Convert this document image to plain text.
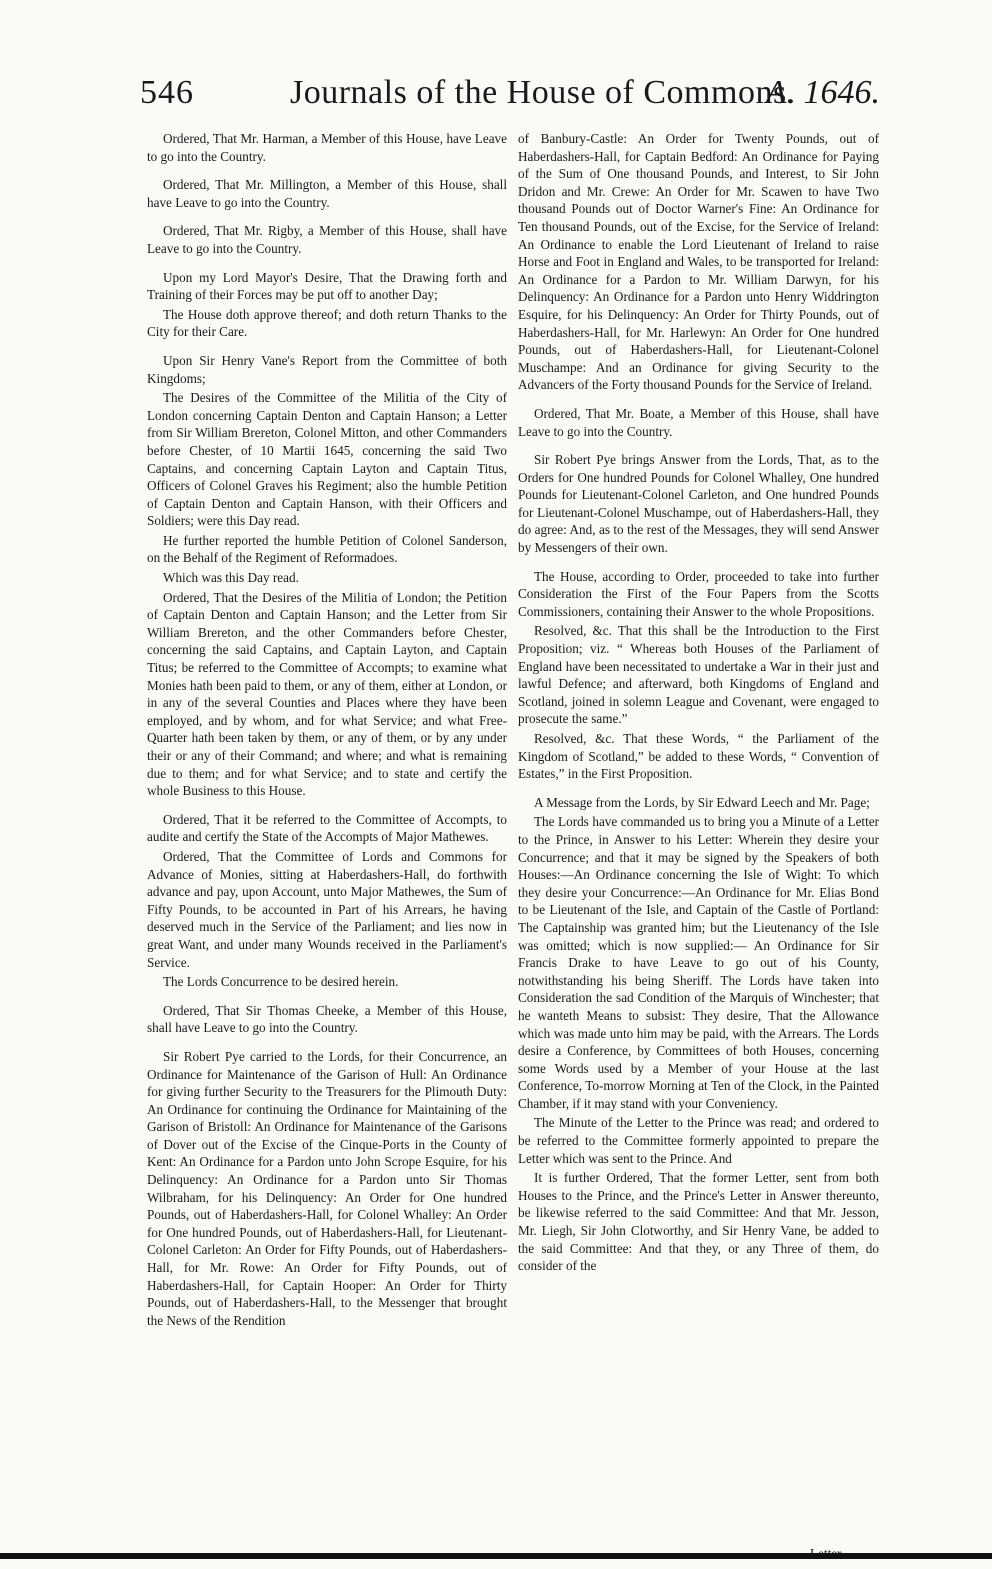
546	Journals of the House of Commons.
A. 1646.

Ordered, That Mr. Harman, a Member of this House, have Leave to go into the Country.

Ordered, That Mr. Millington, a Member of this House, shall have Leave to go into the Country.

Ordered, That Mr. Rigby, a Member of this House, shall have Leave to go into the Country.

Upon my Lord Mayor's Desire, That the Drawing forth and Training of their Forces may be put off to another Day;

The House doth approve thereof; and doth return Thanks to the City for their Care.

Upon Sir Henry Vane's Report from the Committee of both Kingdoms;

The Desires of the Committee of the Militia of the City of London concerning Captain Denton and Captain Hanson; a Letter from Sir William Brereton, Colonel Mitton, and other Commanders before Chester, of 10 Martii 1645, concerning the said Two Captains, and concerning Captain Layton and Captain Titus, Officers of Colonel Graves his Regiment; also the humble Petition of Captain Denton and Captain Hanson, with their Officers and Soldiers; were this Day read.

He further reported the humble Petition of Colonel Sanderson, on the Behalf of the Regiment of Reformadoes.

Which was this Day read.

Ordered, That the Desires of the Militia of London; the Petition of Captain Denton and Captain Hanson; and the Letter from Sir William Brereton, and the other Commanders before Chester, concerning the said Captains, and Captain Layton, and Captain Titus; be referred to the Committee of Accompts; to examine what Monies hath been paid to them, or any of them, either at London, or in any of the several Counties and Places where they have been employed, and by whom, and for what Service; and what Free-Quarter hath been taken by them, or any of them, or by any under their or any of their Command; and where; and what is remaining due to them; and for what Service; and to state and certify the whole Business to this House.

Ordered, That it be referred to the Committee of Accompts, to audite and certify the State of the Accompts of Major Mathewes.

Ordered, That the Committee of Lords and Commons for Advance of Monies, sitting at Haberdashers-Hall, do forthwith advance and pay, upon Account, unto Major Mathewes, the Sum of Fifty Pounds, to be accounted in Part of his Arrears, he having deserved much in the Service of the Parliament; and lies now in great Want, and under many Wounds received in the Parliament's Service.

The Lords Concurrence to be desired herein.

Ordered, That Sir Thomas Cheeke, a Member of this House, shall have Leave to go into the Country.

Sir Robert Pye carried to the Lords, for their Concurrence, an Ordinance for Maintenance of the Garison of Hull: An Ordinance for giving further Security to the Treasurers for the Plimouth Duty: An Ordinance for continuing the Ordinance for Maintaining of the Garison of Bristoll: An Ordinance for Maintenance of the Garisons of Dover out of the Excise of the Cinque-Ports in the County of Kent: An Ordinance for a Pardon unto John Scrope Esquire, for his Delinquency: An Ordinance for a Pardon unto Sir Thomas Wilbraham, for his Delinquency: An Order for One hundred Pounds, out of Haberdashers-Hall, for Colonel Whalley: An Order for One hundred Pounds, out of Haberdashers-Hall, for Lieutenant-Colonel Carleton: An Order for Fifty Pounds, out of Haberdashers-Hall, for Mr. Rowe: An Order for Fifty Pounds, out of Haberdashers-Hall, for Captain Hooper: An Order for Thirty Pounds, out of Haberdashers-Hall, to the Messenger that brought the News of the Rendition

of Banbury-Castle: An Order for Twenty Pounds, out of Haberdashers-Hall, for Captain Bedford: An Ordinance for Paying of the Sum of One thousand Pounds, and Interest, to Sir John Dridon and Mr. Crewe: An Order for Mr. Scawen to have Two thousand Pounds out of Doctor Warner's Fine: An Ordinance for Ten thousand Pounds, out of the Excise, for the Service of Ireland: An Ordinance to enable the Lord Lieutenant of Ireland to raise Horse and Foot in England and Wales, to be transported for Ireland: An Ordinance for a Pardon to Mr. William Darwyn, for his Delinquency: An Ordinance for a Pardon unto Henry Widdrington Esquire, for his Delinquency: An Order for Thirty Pounds, out of Haberdashers-Hall, for Mr. Harlewyn: An Order for One hundred Pounds, out of Haberdashers-Hall, for Lieutenant-Colonel Muschampe: And an Ordinance for giving Security to the Advancers of the Forty thousand Pounds for the Service of Ireland.

Ordered, That Mr. Boate, a Member of this House, shall have Leave to go into the Country.

Sir Robert Pye brings Answer from the Lords, That, as to the Orders for One hundred Pounds for Colonel Whalley, One hundred Pounds for Lieutenant-Colonel Carleton, and One hundred Pounds for Lieutenant-Colonel Muschampe, out of Haberdashers-Hall, they do agree: And, as to the rest of the Messages, they will send Answer by Messengers of their own.

The House, according to Order, proceeded to take into further Consideration the First of the Four Papers from the Scotts Commissioners, containing their Answer to the whole Propositions.

Resolved, &c. That this shall be the Introduction to the First Proposition; viz. “ Whereas both Houses of the Parliament of England have been necessitated to undertake a War in their just and lawful Defence; and afterward, both Kingdoms of England and Scotland, joined in solemn League and Covenant, were engaged to prosecute the same.”

Resolved, &c. That these Words, “ the Parliament of the Kingdom of Scotland,” be added to these Words, “ Convention of Estates,” in the First Proposition.

A Message from the Lords, by Sir Edward Leech and Mr. Page;

The Lords have commanded us to bring you a Minute of a Letter to the Prince, in Answer to his Letter: Wherein they desire your Concurrence; and that it may be signed by the Speakers of both Houses:—An Ordinance concerning the Isle of Wight: To which they desire your Concurrence:—An Ordinance for Mr. Elias Bond to be Lieutenant of the Isle, and Captain of the Castle of Portland: The Captainship was granted him; but the Lieutenancy of the Isle was omitted; which is now supplied:— An Ordinance for Sir Francis Drake to have Leave to go out of his County, notwithstanding his being Sheriff. The Lords have taken into Consideration the sad Condition of the Marquis of Winchester; that he wanteth Means to subsist: They desire, That the Allowance which was made unto him may be paid, with the Arrears. The Lords desire a Conference, by Committees of both Houses, concerning some Words used by a Member of your House at the last Conference, To-morrow Morning at Ten of the Clock, in the Painted Chamber, if it may stand with your Conveniency.

The Minute of the Letter to the Prince was read; and ordered to be referred to the Committee formerly appointed to prepare the Letter which was sent to the Prince. And

It is further Ordered, That the former Letter, sent from both Houses to the Prince, and the Prince's Letter in Answer thereunto, be likewise referred to the said Committee: And that Mr. Jesson, Mr. Liegh, Sir John Clotworthy, and Sir Henry Vane, be added to the said Committee: And that they, or any Three of them, do consider of the
